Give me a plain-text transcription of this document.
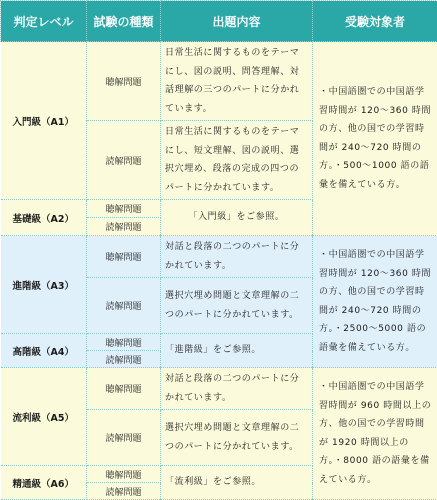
判定レベル	試験の種類	出題内容	受験対象者
入門級（A1）	聴解問題	日常生活に関するものをテーマにし、図の説明、問答理解、対話理解の三つのパートに分かれています。	・中国語圏での中国語学習時間が 120～360 時間の方、他の国での学習時間が 240～720 時間の方。・500～1000 語の語彙を備えている方。
	読解問題	日常生活に関するものをテーマにし、短文理解、図の説明、選択穴埋め、段落の完成の四つのパートに分かれています。	
基礎級（A2）	聴解問題	「入門級」をご参照。	
	読解問題		
進階級（A3）	聴解問題	対話と段落の二つのパートに分かれています。	・中国語圏での中国語学習時間が 120～360 時間の方、他の国での学習時間が 240～720 時間の方。・2500～5000 語の語彙を備えている方。
	読解問題	選択穴埋め問題と文章理解の二つのパートに分かれています。	
高階級（A4）	聴解問題	「進階級」をご参照。	
	読解問題		
流利級（A5）	聴解問題	対話と段落の二つのパートに分かれています。	・中国語圏での中国語学習時間が 960 時間以上の方、他の国での学習時間が 1920 時間以上の方。・8000 語の語彙を備えている方。
	読解問題	選択穴埋め問題と文章理解の二つのパートに分かれています。	
精通級（A6）	聴解問題	「流利級」をご参照。	
	読解問題		
